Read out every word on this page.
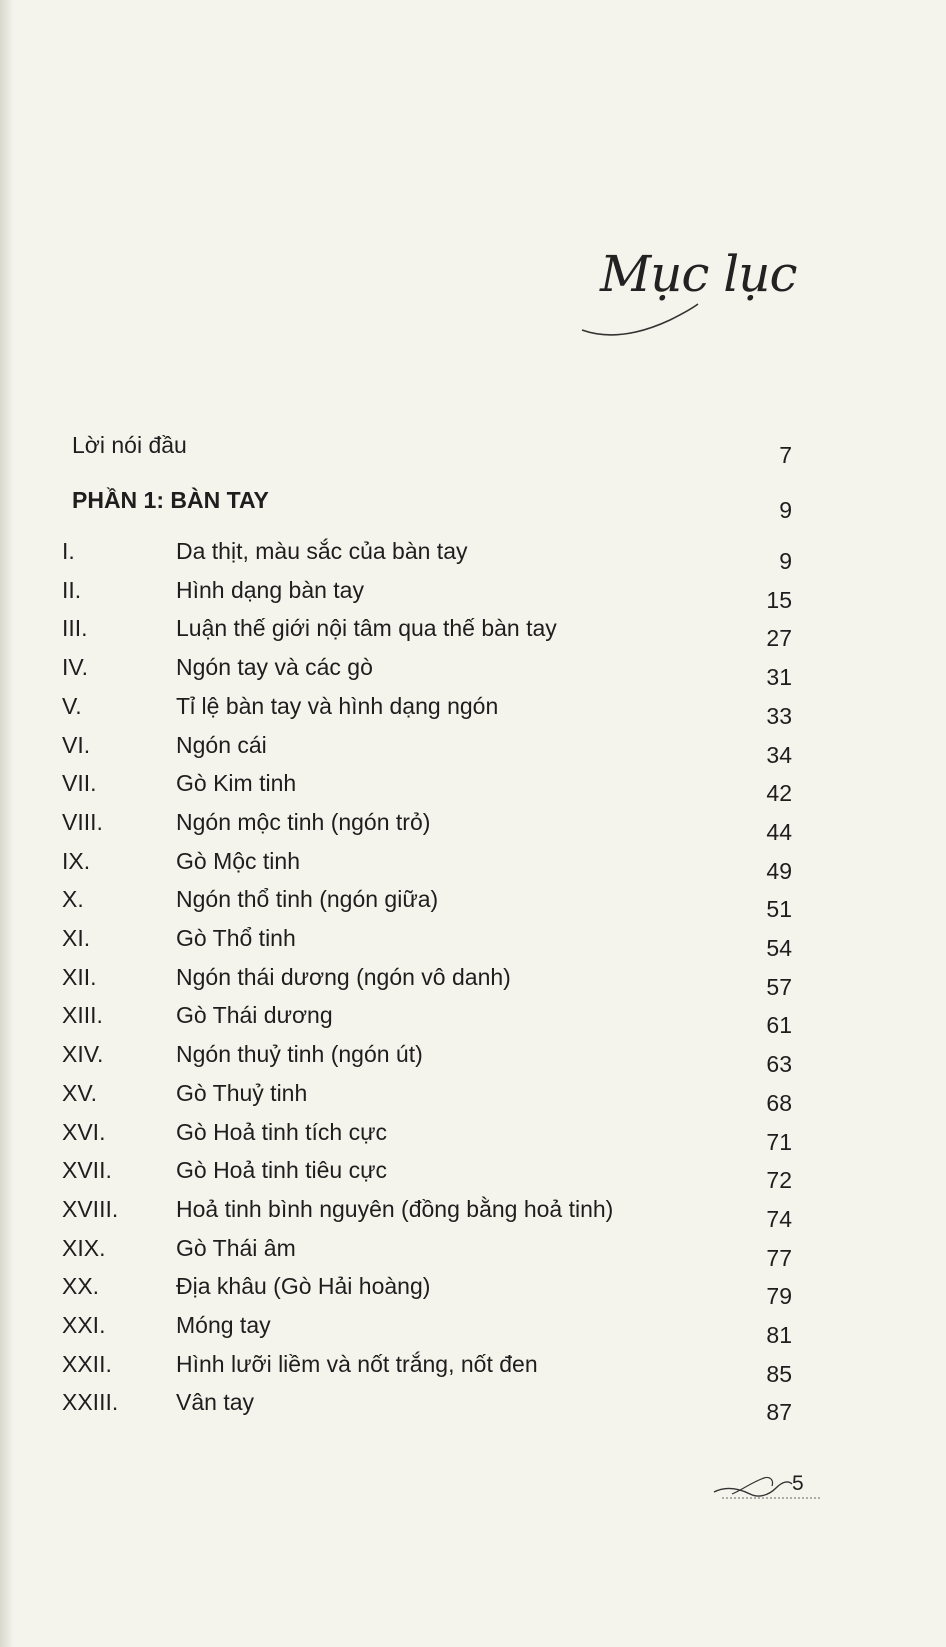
Mục lục
Lời nói đầu	7
PHẦN 1: BÀN TAY	9
I.	Da thịt, màu sắc của bàn tay	9
II.	Hình dạng bàn tay	15
III.	Luận thế giới nội tâm qua thế bàn tay	27
IV.	Ngón tay và các gò	31
V.	Tỉ lệ bàn tay và hình dạng ngón	33
VI.	Ngón cái	34
VII.	Gò Kim tinh	42
VIII.	Ngón mộc tinh (ngón trỏ)	44
IX.	Gò Mộc tinh	49
X.	Ngón thổ tinh (ngón giữa)	51
XI.	Gò Thổ tinh	54
XII.	Ngón thái dương (ngón vô danh)	57
XIII.	Gò Thái dương	61
XIV.	Ngón thuỷ tinh (ngón út)	63
XV.	Gò Thuỷ tinh	68
XVI.	Gò Hoả tinh tích cực	71
XVII.	Gò Hoả tinh tiêu cực	72
XVIII.	Hoả tinh bình nguyên (đồng bằng hoả tinh)	74
XIX.	Gò Thái âm	77
XX.	Địa khâu (Gò Hải hoàng)	79
XXI.	Móng tay	81
XXII.	Hình lưỡi liềm và nốt trắng, nốt đen	85
XXIII.	Vân tay	87
5
